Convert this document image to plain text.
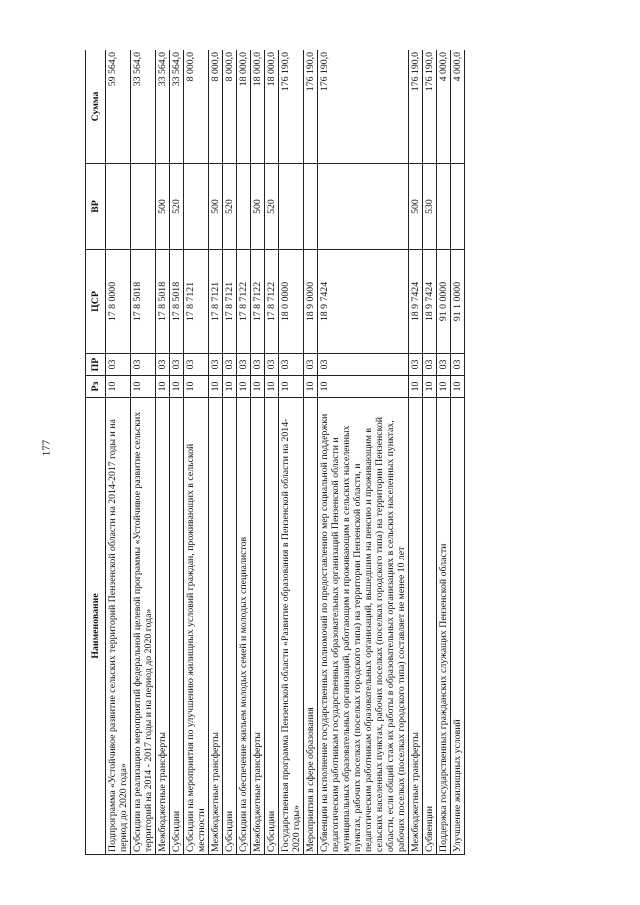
177
Наименование	Рз	ПР	ЦСР	ВР	Сумма
Подпрограмма «Устойчивое развитие сельских территорий Пензенской области на 2014-2017 годы и на период до 2020 года»	10	03	17 8 0000		59 564,0
Субсидии на реализацию мероприятий федеральной целевой программы «Устойчивое развитие сельских территорий на 2014 - 2017 годы и на период до 2020 года»	10	03	17 8 5018		33 564,0
Межбюджетные трансферты	10	03	17 8 5018	500	33 564,0
Субсидии	10	03	17 8 5018	520	33 564,0
Субсидии на мероприятия по улучшению жилищных условий граждан, проживающих в сельской местности	10	03	17 8 7121		8 000,0
Межбюджетные трансферты	10	03	17 8 7121	500	8 000,0
Субсидии	10	03	17 8 7121	520	8 000,0
Субсидии на обеспечение жильем молодых семей и молодых специалистов	10	03	17 8 7122		18 000,0
Межбюджетные трансферты	10	03	17 8 7122	500	18 000,0
Субсидии	10	03	17 8 7122	520	18 000,0
Государственная программа Пензенской области «Развитие образования в Пензенской области на 2014-2020 годы»	10	03	18 0 0000		176 190,0
Мероприятия в сфере образования	10	03	18 9 0000		176 190,0
Субвенции на исполнение государственных полномочий по предоставлению мер социальной поддержки педагогическим работникам государственных образовательных организаций Пензенской области и муниципальных образовательных организаций, работающим и проживающим в сельских населенных пунктах, рабочих поселках (поселках городского типа) на территории Пензенской области, и педагогическим работникам образовательных организаций, вышедшим на пенсию и проживающим в сельских населенных пунктах, рабочих поселках (поселках городского типа) на территории Пензенской области, если общий стаж их работы в образовательных организациях в сельских населенных пунктах, рабочих поселках (поселках городского типа) составляет не менее 10 лет	10	03	18 9 7424		176 190,0
Межбюджетные трансферты	10	03	18 9 7424	500	176 190,0
Субвенции	10	03	18 9 7424	530	176 190,0
Поддержка государственных гражданских служащих Пензенской области	10	03	91 0 0000		4 000,0
Улучшение жилищных условий	10	03	91 1 0000		4 000,0
